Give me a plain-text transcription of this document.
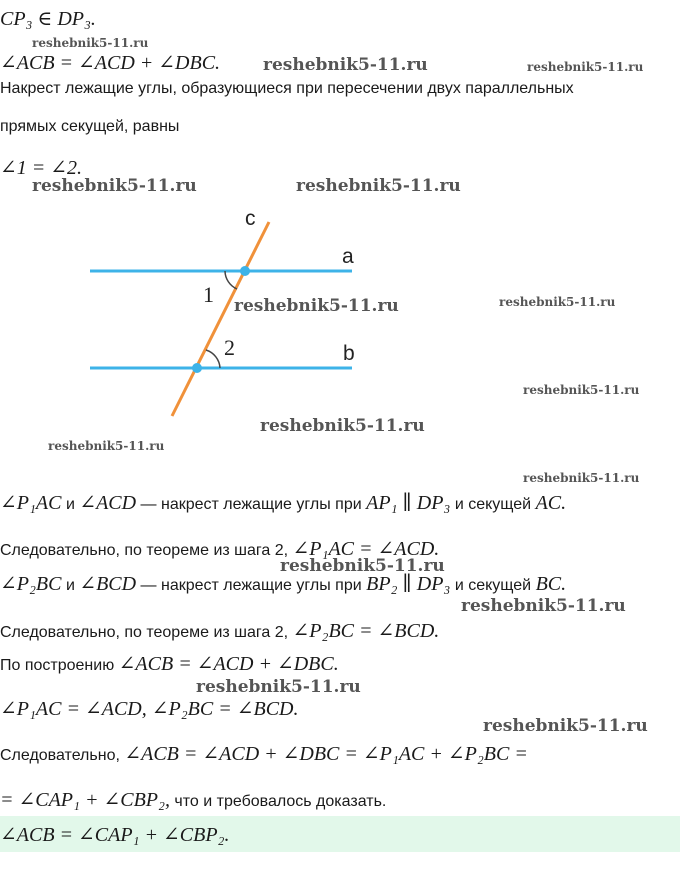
CP₃ ∈ DP₃.
∠ACB = ∠ACD + ∠DBC.
Накрест лежащие углы, образующиеся при пересечении двух параллельных
прямых секущей, равны
∠1 = ∠2.
c
a
b
1
2
∠P₁AC и ∠ACD — накрест лежащие углы при AP₁ ∥ DP₃ и секущей AC.
Следовательно, по теореме из шага 2, ∠P₁AC = ∠ACD.
∠P₂BC и ∠BCD — накрест лежащие углы при BP₂ ∥ DP₃ и секущей BC.
Следовательно, по теореме из шага 2, ∠P₂BC = ∠BCD.
По построению ∠ACB = ∠ACD + ∠DBC.
∠P₁AC = ∠ACD, ∠P₂BC = ∠BCD.
Следовательно, ∠ACB = ∠ACD + ∠DBC = ∠P₁AC + ∠P₂BC =
= ∠CAP₁ + ∠CBP₂, что и требовалось доказать.
∠ACB = ∠CAP₁ + ∠CBP₂.
reshebnik5-11.ru
reshebnik5-11.ru	reshebnik5-11.ru
reshebnik5-11.ru	reshebnik5-11.ru
reshebnik5-11.ru	reshebnik5-11.ru
reshebnik5-11.ru
reshebnik5-11.ru
reshebnik5-11.ru
reshebnik5-11.ru
reshebnik5-11.ru
reshebnik5-11.ru
reshebnik5-11.ru
reshebnik5-11.ru
